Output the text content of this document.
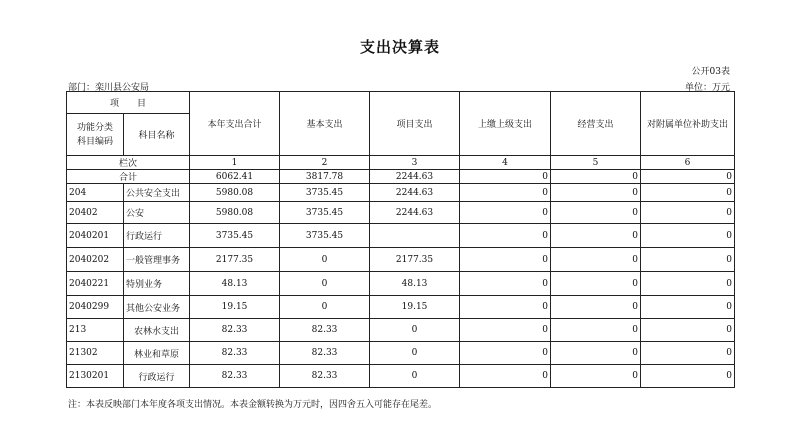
支出决算表
公开03表
部门：栾川县公安局	单位：万元
项　　目		本年支出合计	基本支出	项目支出	上缴上级支出	经营支出	对附属单位补助支出
功能分类
科目编码	科目名称						
栏次		1	2	3	4	5	6
合计		6062.41	3817.78	2244.63	0	0	0
204	公共安全支出	5980.08	3735.45	2244.63	0	0	0
20402	公安	5980.08	3735.45	2244.63	0	0	0
2040201	行政运行	3735.45	3735.45		0	0	0
2040202	一般管理事务	2177.35	0	2177.35	0	0	0
2040221	特别业务	48.13	0	48.13	0	0	0
2040299	其他公安业务	19.15	0	19.15	0	0	0
213	农林水支出	82.33	82.33	0	0	0	0
21302	林业和草原	82.33	82.33	0	0	0	0
2130201	行政运行	82.33	82.33	0	0	0	0
注：本表反映部门本年度各项支出情况。本表金额转换为万元时，因四舍五入可能存在尾差。
